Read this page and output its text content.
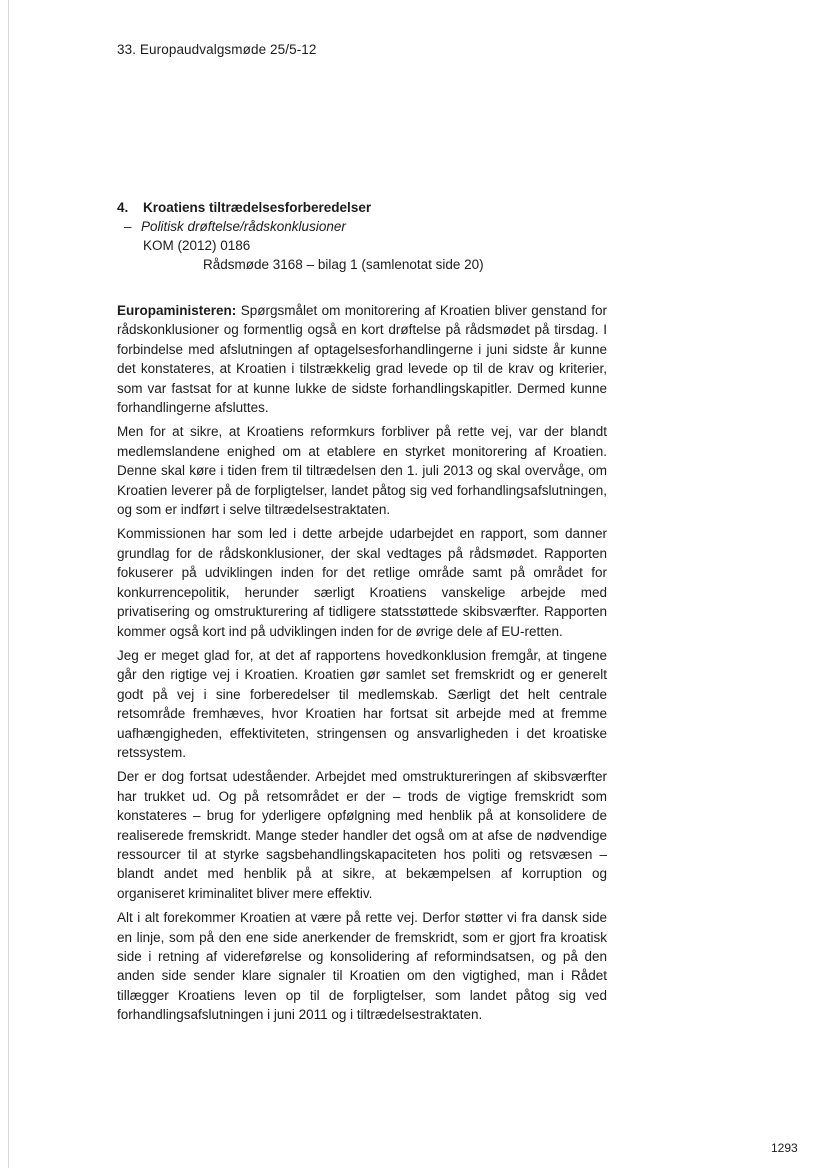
33. Europaudvalgsmøde 25/5-12
4. Kroatiens tiltrædelsesforberedelser
– Politisk drøftelse/rådskonklusioner
KOM (2012) 0186
Rådsmøde 3168 – bilag 1 (samlenotat side 20)

Europaministeren: Spørgsmålet om monitorering af Kroatien bliver genstand for rådskonklusioner og formentlig også en kort drøftelse på rådsmødet på tirsdag. I forbindelse med afslutningen af optagelsesforhandlingerne i juni sidste år kunne det konstateres, at Kroatien i tilstrækkelig grad levede op til de krav og kriterier, som var fastsat for at kunne lukke de sidste forhandlingskapitler. Dermed kunne forhandlingerne afsluttes.

Men for at sikre, at Kroatiens reformkurs forbliver på rette vej, var der blandt medlemslandene enighed om at etablere en styrket monitorering af Kroatien. Denne skal køre i tiden frem til tiltrædelsen den 1. juli 2013 og skal overvåge, om Kroatien leverer på de forpligtelser, landet påtog sig ved forhandlingsafslutningen, og som er indført i selve tiltrædelsestraktaten.

Kommissionen har som led i dette arbejde udarbejdet en rapport, som danner grundlag for de rådskonklusioner, der skal vedtages på rådsmødet. Rapporten fokuserer på udviklingen inden for det retlige område samt på området for konkurrencepolitik, herunder særligt Kroatiens vanskelige arbejde med privatisering og omstrukturering af tidligere statsstøttede skibsværfter. Rapporten kommer også kort ind på udviklingen inden for de øvrige dele af EU-retten.

Jeg er meget glad for, at det af rapportens hovedkonklusion fremgår, at tingene går den rigtige vej i Kroatien. Kroatien gør samlet set fremskridt og er generelt godt på vej i sine forberedelser til medlemskab. Særligt det helt centrale retsområde fremhæves, hvor Kroatien har fortsat sit arbejde med at fremme uafhængigheden, effektiviteten, stringensen og ansvarligheden i det kroatiske retssystem.

Der er dog fortsat udeståender. Arbejdet med omstruktureringen af skibsværfter har trukket ud. Og på retsområdet er der – trods de vigtige fremskridt som konstateres – brug for yderligere opfølgning med henblik på at konsolidere de realiserede fremskridt. Mange steder handler det også om at afse de nødvendige ressourcer til at styrke sagsbehandlingskapaciteten hos politi og retsvæsen – blandt andet med henblik på at sikre, at bekæmpelsen af korruption og organiseret kriminalitet bliver mere effektiv.

Alt i alt forekommer Kroatien at være på rette vej. Derfor støtter vi fra dansk side en linje, som på den ene side anerkender de fremskridt, som er gjort fra kroatisk side i retning af videreførelse og konsolidering af reformindsatsen, og på den anden side sender klare signaler til Kroatien om den vigtighed, man i Rådet tillægger Kroatiens leven op til de forpligtelser, som landet påtog sig ved forhandlingsafslutningen i juni 2011 og i tiltrædelsestraktaten.

1293
